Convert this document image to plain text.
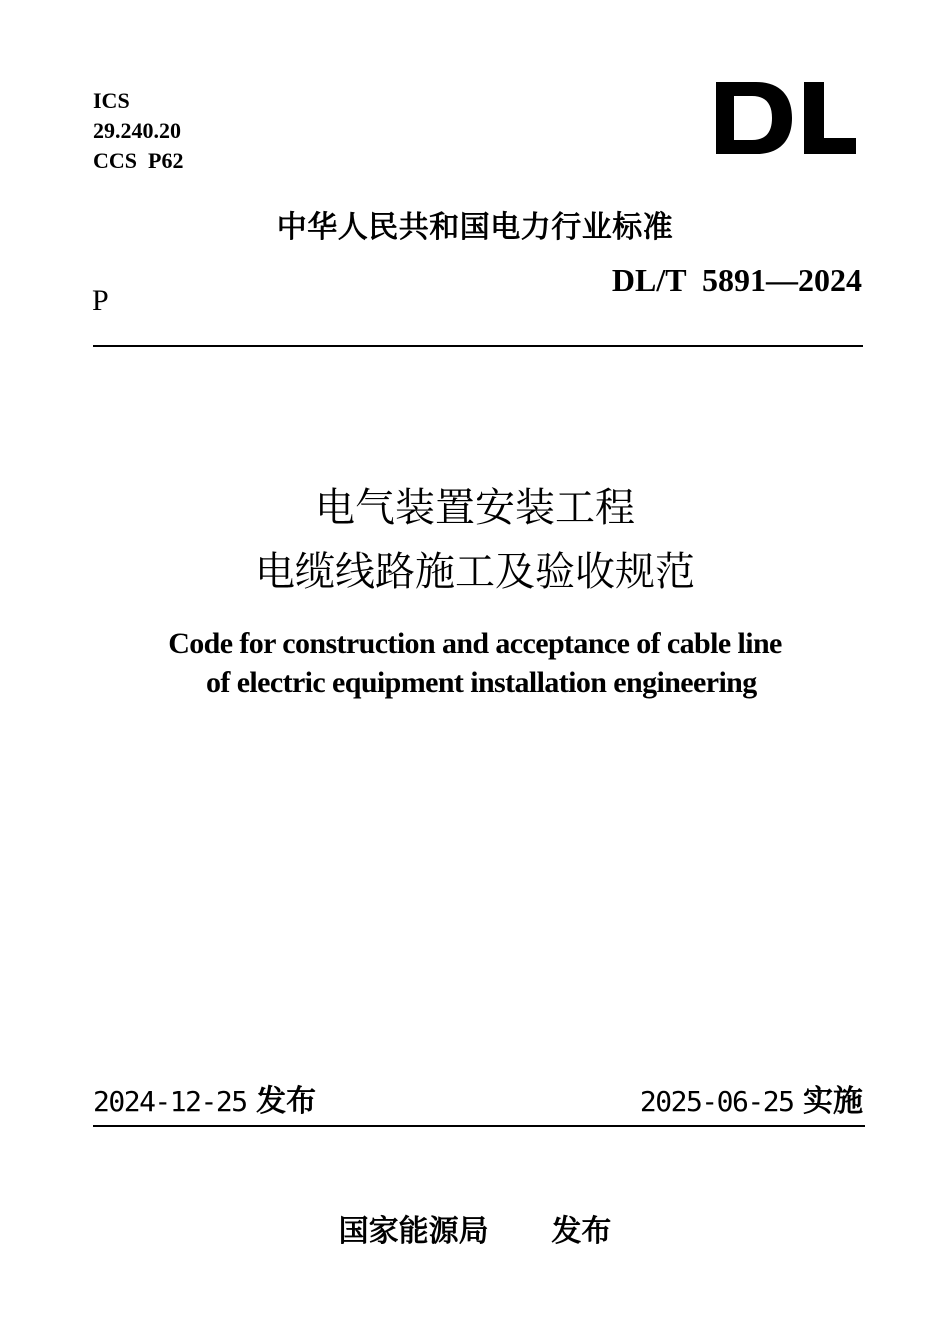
ICS
29.240.20
CCS  P62
中华人民共和国电力行业标准
DL/T  5891—2024
P
电气装置安装工程
电缆线路施工及验收规范
Code for construction and acceptance of cable line
of electric equipment installation engineering
2024-12-25 发布	2025-06-25 实施
国家能源局 发布
